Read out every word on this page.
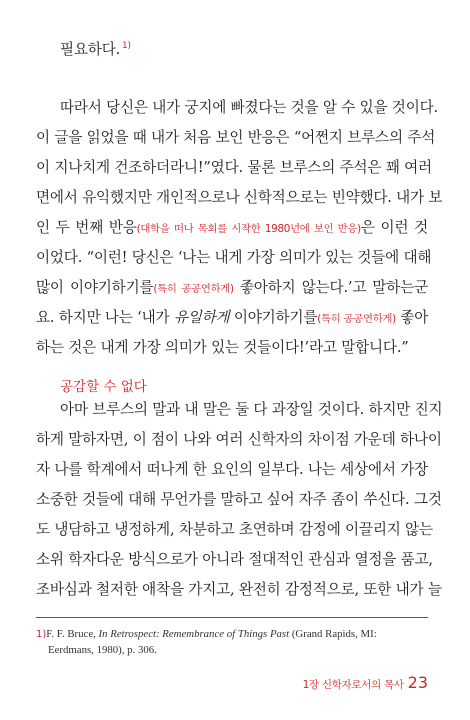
필요하다. $^{1)}$
따라서 당신은 내가 궁지에 빠졌다는 것을 알 수 있을 것이다.
이 글을 읽었을 때 내가 처음 보인 반응은 “어쩐지 브루스의 주석
이 지나치게 건조하더라니!”였다. 물론 브루스의 주석은 꽤 여러
면에서 유익했지만 개인적으로나 신학적으로는 빈약했다. 내가 보
인 두 번째 반응(대학을 떠나 목회를 시작한 1980년에 보인 반응)은 이런 것
이었다. “이런! 당신은 ‘나는 내게 가장 의미가 있는 것들에 대해
많이 이야기하기를(특히 공공연하게) 좋아하지 않는다.’고 말하는군
요. 하지만 나는 ‘내가 유일하게 이야기하기를(특히 공공연하게) 좋아
하는 것은 내게 가장 의미가 있는 것들이다!’라고 말합니다.”
공감할 수 없다
아마 브루스의 말과 내 말은 둘 다 과장일 것이다. 하지만 진지
하게 말하자면, 이 점이 나와 여러 신학자의 차이점 가운데 하나이
자 나를 학계에서 떠나게 한 요인의 일부다. 나는 세상에서 가장
소중한 것들에 대해 무언가를 말하고 싶어 자주 좀이 쑤신다. 그것
도 냉담하고 냉정하게, 차분하고 초연하며 감정에 이끌리지 않는
소위 학자다운 방식으로가 아니라 절대적인 관심과 열정을 품고,
조바심과 철저한 애착을 가지고, 완전히 감정적으로, 또한 내가 늘
1)F. F. Bruce, In Retrospect: Remembrance of Things Past (Grand Rapids, MI:
Eerdmans, 1980), p. 306.
1장 신학자로서의 목사 23
